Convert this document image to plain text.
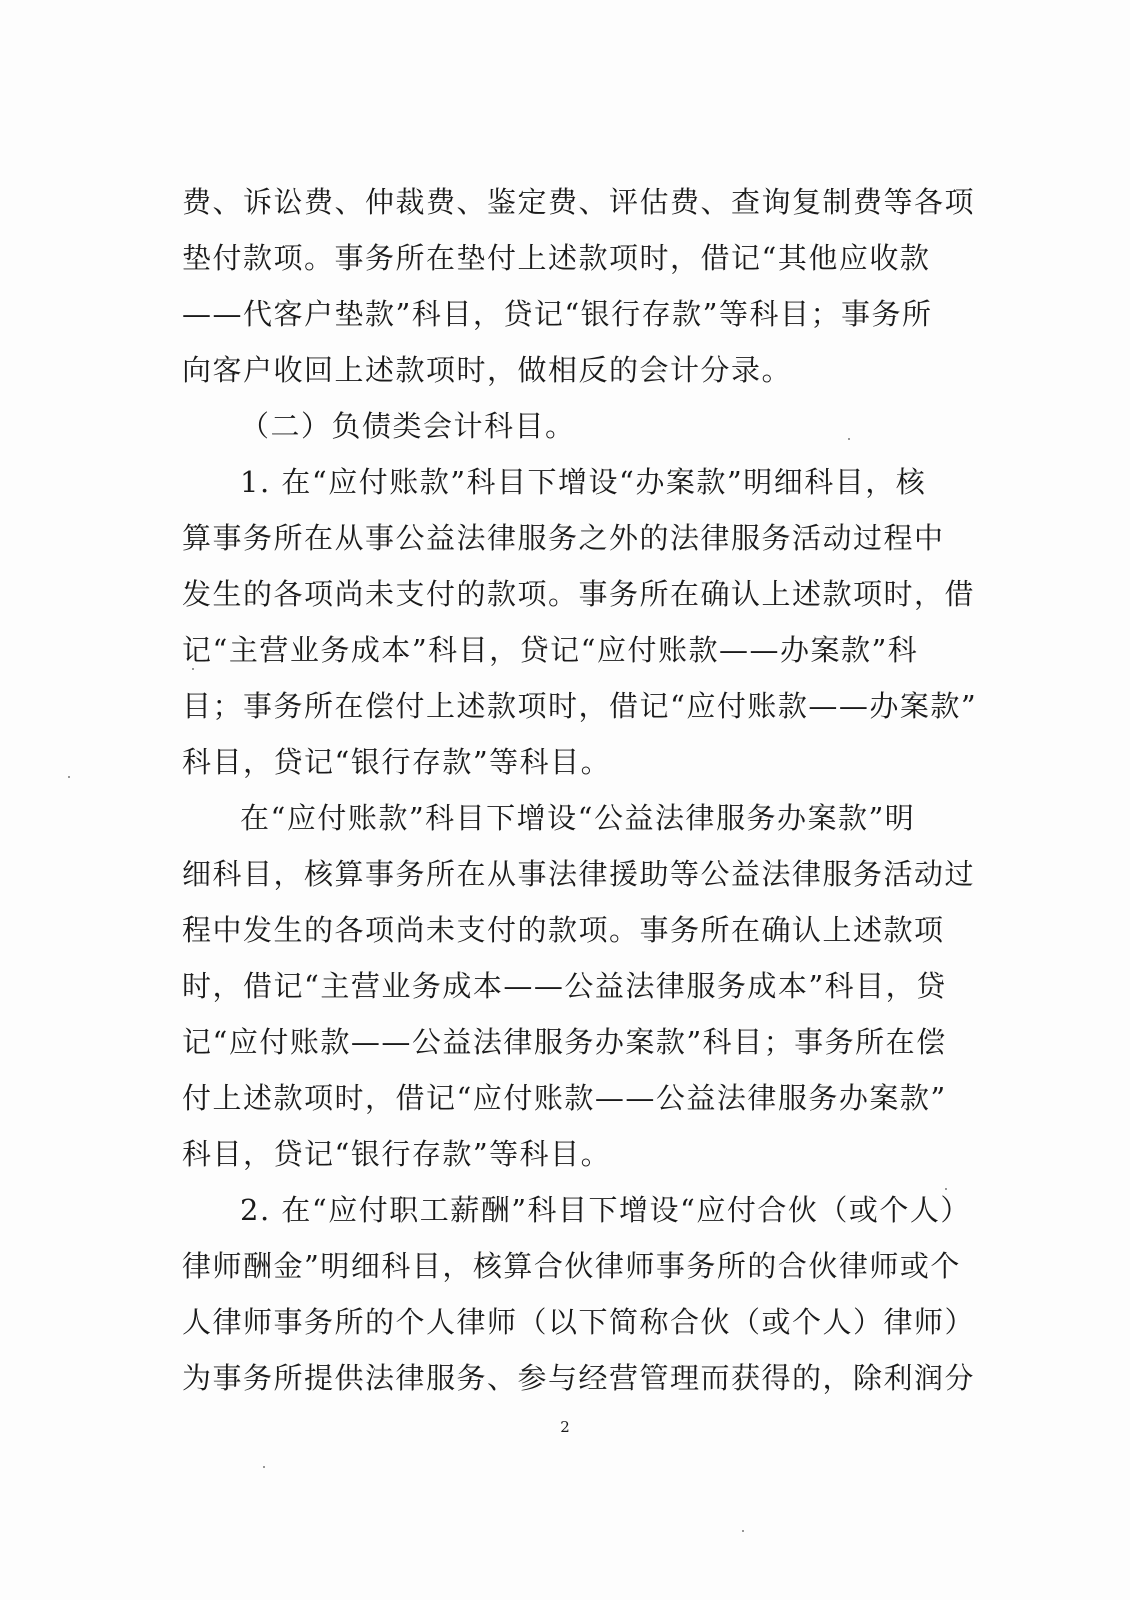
费、诉讼费、仲裁费、鉴定费、评估费、查询复制费等各项
垫付款项。事务所在垫付上述款项时，借记“其他应收款
——代客户垫款”科目，贷记“银行存款”等科目；事务所
向客户收回上述款项时，做相反的会计分录。
（二）负债类会计科目。
1. 在“应付账款”科目下增设“办案款”明细科目，核
算事务所在从事公益法律服务之外的法律服务活动过程中
发生的各项尚未支付的款项。事务所在确认上述款项时，借
记“主营业务成本”科目，贷记“应付账款——办案款”科
目；事务所在偿付上述款项时，借记“应付账款——办案款”
科目，贷记“银行存款”等科目。
在“应付账款”科目下增设“公益法律服务办案款”明
细科目，核算事务所在从事法律援助等公益法律服务活动过
程中发生的各项尚未支付的款项。事务所在确认上述款项
时，借记“主营业务成本——公益法律服务成本”科目，贷
记“应付账款——公益法律服务办案款”科目；事务所在偿
付上述款项时，借记“应付账款——公益法律服务办案款”
科目，贷记“银行存款”等科目。
2. 在“应付职工薪酬”科目下增设“应付合伙（或个人）
律师酬金”明细科目，核算合伙律师事务所的合伙律师或个
人律师事务所的个人律师（以下简称合伙（或个人）律师）
为事务所提供法律服务、参与经营管理而获得的，除利润分
2
